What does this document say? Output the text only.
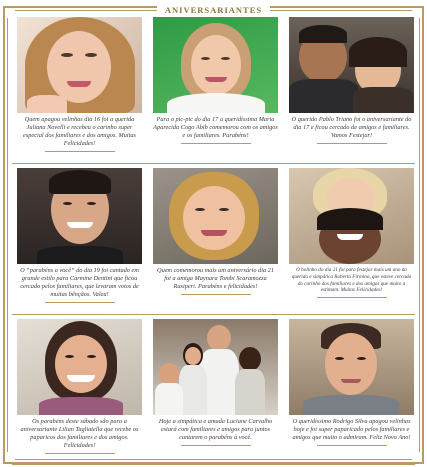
ANIVERSARIANTES
Quem apagou velinhas dia 16 foi a querida Juliana Novelli e recebeu o carinho super especial dos familiares e dos amigos. Muitas Felicidades!
Para o pic-pic do dia 17 a queridíssima Maria Aparecida Cogo Abib comemorou com os amigos e os familiares. Parabéns!
O querido Pablo Triano foi o aniversariante do dia 17 e ficou cercado de amigos e familiares. Vamos Festejar!
O “parabéns a você” do dia 19 foi cantado em grande estilo para Carmine Dentini que ficou cercado pelos familiares, que levaram votos de muitas bênçãos. Valeu!
Quem comemorou mais um aniversário dia 21 foi a amiga Maynara Tombi Scaramozza Rasiperi. Parabéns e felicidades!
O bolinho do dia 21 foi para festejar mais um ano da querida e simpática Roberta Firmino, que esteve cercada do carinho dos familiares e dos amigos que muito a estimam. Muitas Felicidades!
Os parabéns deste sábado são para a aniversariante Lilian Tagliatella que recebe os paparicos dos familiares e dos amigos. Felicidades!
Hoje a simpática e amada Luciane Carvalho estará com familiares e amigos para juntos cantarem o parabéns à você.
O queridíssimo Rodrigo Silva apagou velinhas hoje e foi super paparicado pelos familiares e amigos que muito o admiram. Feliz Novo Ano!
